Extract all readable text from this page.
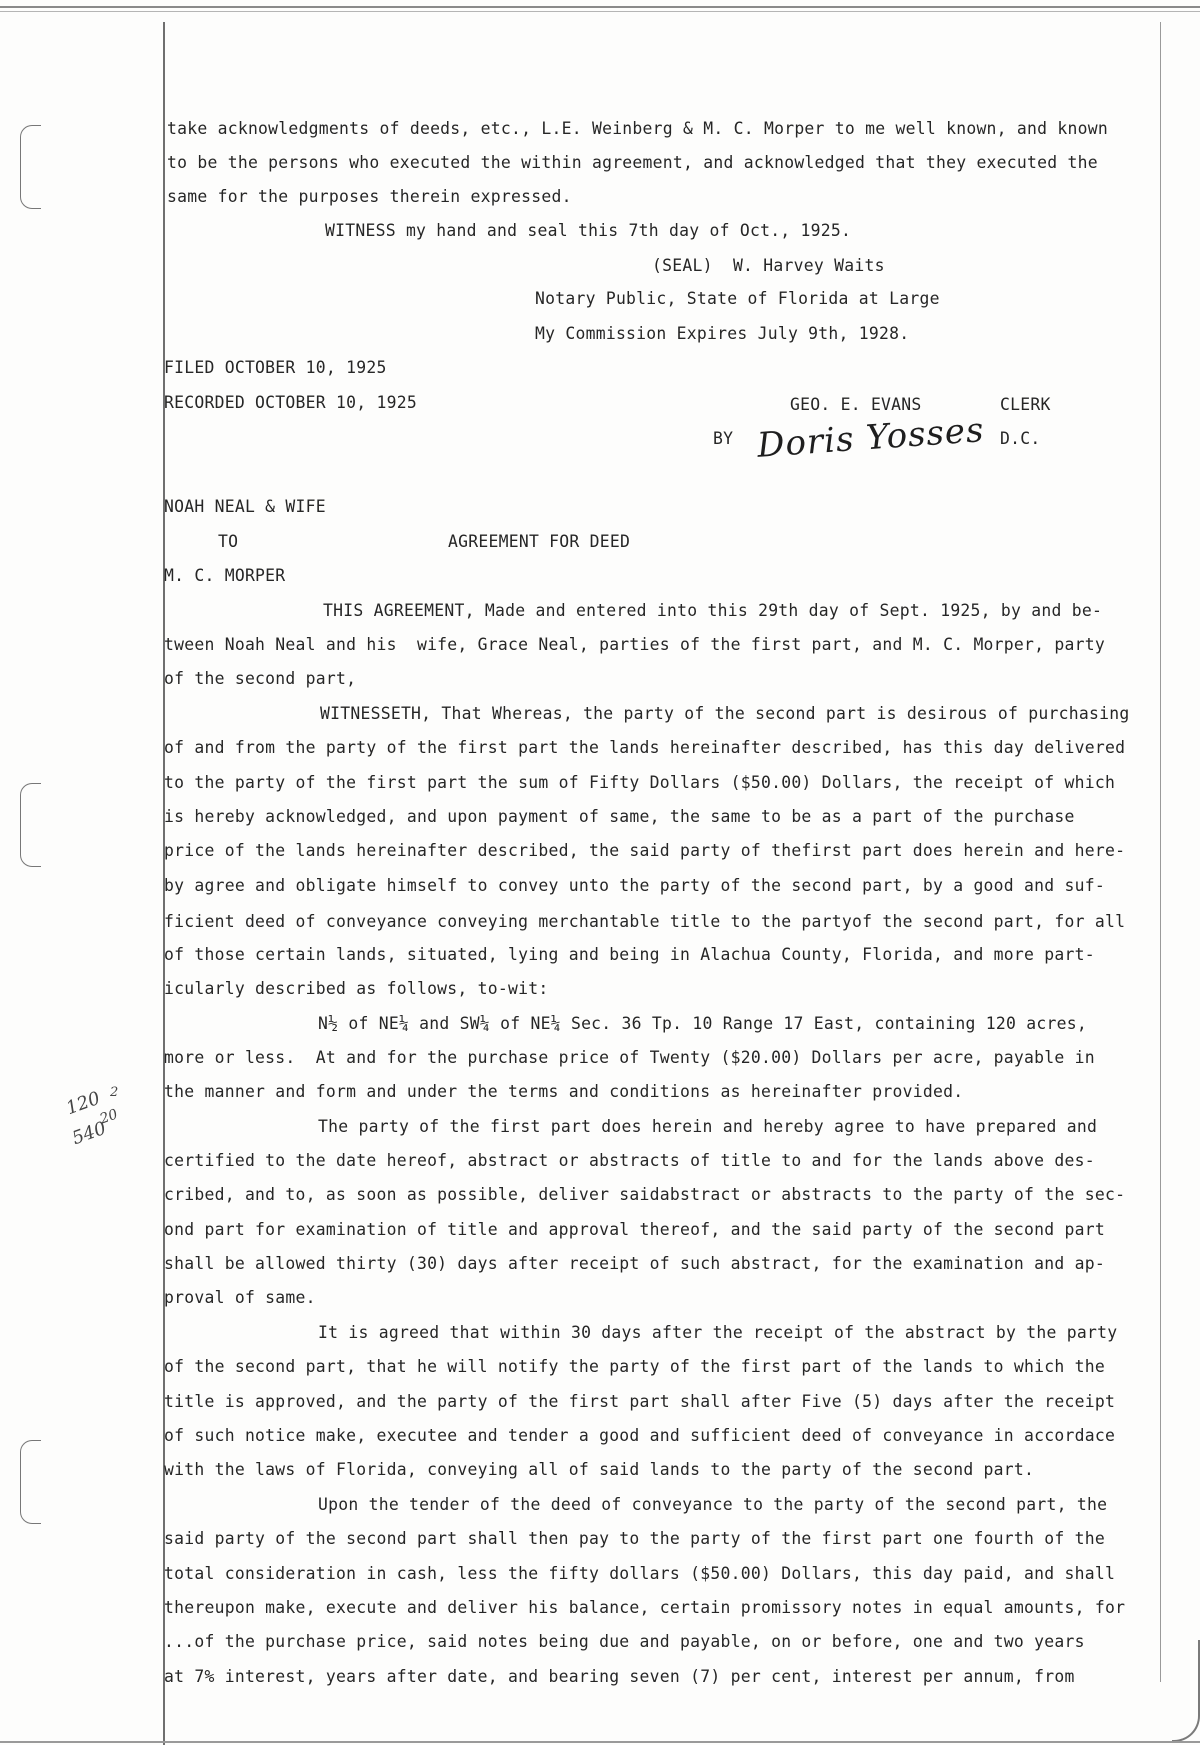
take acknowledgments of deeds, etc., L.E. Weinberg & M. C. Morper to me well known, and known
to be the persons who executed the within agreement, and acknowledged that they executed the
same for the purposes therein expressed.
WITNESS my hand and seal this 7th day of Oct., 1925.
(SEAL)  W. Harvey Waits
Notary Public, State of Florida at Large
My Commission Expires July 9th, 1928.
FILED OCTOBER 10, 1925
RECORDED OCTOBER 10, 1925	GEO. E. EVANS	CLERK
BY Doris Yosses D.C.
NOAH NEAL & WIFE
TO	AGREEMENT FOR DEED
M. C. MORPER
THIS AGREEMENT, Made and entered into this 29th day of Sept. 1925, by and be-
tween Noah Neal and his  wife, Grace Neal, parties of the first part, and M. C. Morper, party
of the second part,
WITNESSETH, That Whereas, the party of the second part is desirous of purchasing
of and from the party of the first part the lands hereinafter described, has this day delivered
to the party of the first part the sum of Fifty Dollars ($50.00) Dollars, the receipt of which
is hereby acknowledged, and upon payment of same, the same to be as a part of the purchase
price of the lands hereinafter described, the said party of thefirst part does herein and here-
by agree and obligate himself to convey unto the party of the second part, by a good and suf-
ficient deed of conveyance conveying merchantable title to the partyof the second part, for all
of those certain lands, situated, lying and being in Alachua County, Florida, and more part-
icularly described as follows, to-wit:
N½ of NE¼ and SW¼ of NE¼ Sec. 36 Tp. 10 Range 17 East, containing 120 acres,
more or less.  At and for the purchase price of Twenty ($20.00) Dollars per acre, payable in
the manner and form and under the terms and conditions as hereinafter provided.
The party of the first part does herein and hereby agree to have prepared and
certified to the date hereof, abstract or abstracts of title to and for the lands above des-
cribed, and to, as soon as possible, deliver saidabstract or abstracts to the party of the sec-
ond part for examination of title and approval thereof, and the said party of the second part
shall be allowed thirty (30) days after receipt of such abstract, for the examination and ap-
proval of same.
It is agreed that within 30 days after the receipt of the abstract by the party
of the second part, that he will notify the party of the first part of the lands to which the
title is approved, and the party of the first part shall after Five (5) days after the receipt
of such notice make, executee and tender a good and sufficient deed of conveyance in accordace
with the laws of Florida, conveying all of said lands to the party of the second part.
Upon the tender of the deed of conveyance to the party of the second part, the
said party of the second part shall then pay to the party of the first part one fourth of the
total consideration in cash, less the fifty dollars ($50.00) Dollars, this day paid, and shall
thereupon make, execute and deliver his balance, certain promissory notes in equal amounts, for
...of the purchase price, said notes being due and payable, on or before, one and two years
at 7% interest, years after date, and bearing seven (7) per cent, interest per annum, from
120 2
20
540
